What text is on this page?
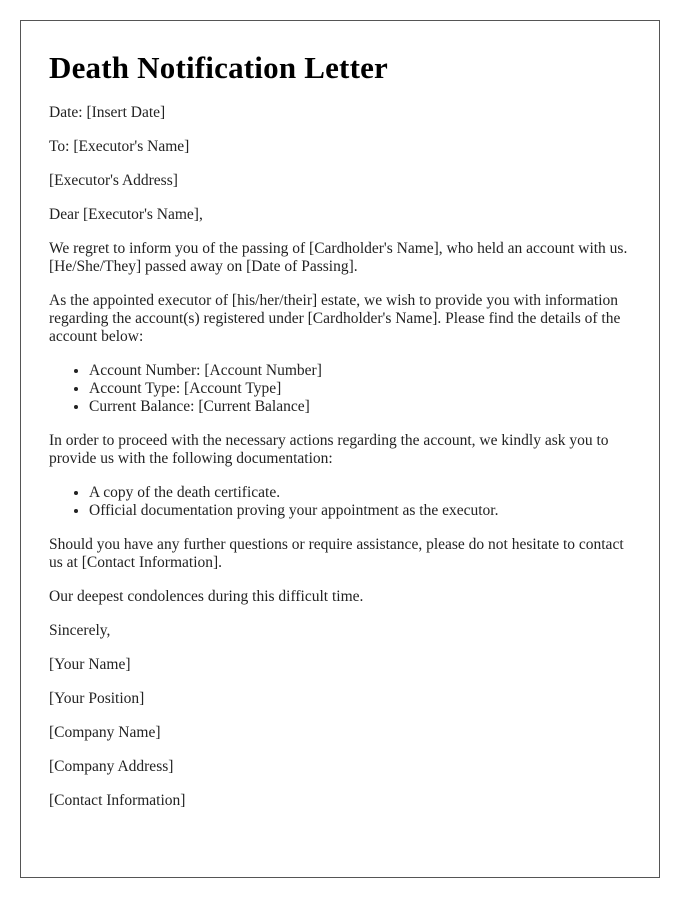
Death Notification Letter

Date: [Insert Date]

To: [Executor's Name]

[Executor's Address]

Dear [Executor's Name],

We regret to inform you of the passing of [Cardholder's Name], who held an account with us. [He/She/They] passed away on [Date of Passing].

As the appointed executor of [his/her/their] estate, we wish to provide you with information regarding the account(s) registered under [Cardholder's Name]. Please find the details of the account below:

• Account Number: [Account Number]
• Account Type: [Account Type]
• Current Balance: [Current Balance]

In order to proceed with the necessary actions regarding the account, we kindly ask you to provide us with the following documentation:

• A copy of the death certificate.
• Official documentation proving your appointment as the executor.

Should you have any further questions or require assistance, please do not hesitate to contact us at [Contact Information].

Our deepest condolences during this difficult time.

Sincerely,

[Your Name]

[Your Position]

[Company Name]

[Company Address]

[Contact Information]
